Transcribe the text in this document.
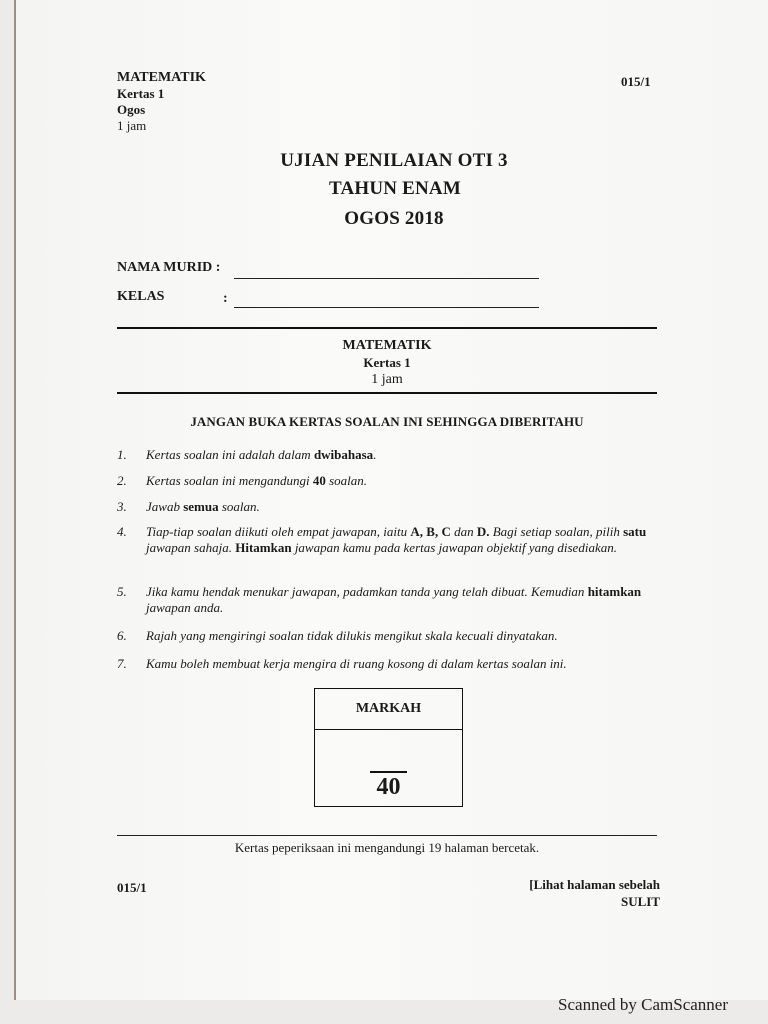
MATEMATIK
Kertas 1
Ogos
1 jam
015/1
UJIAN PENILAIAN OTI 3
TAHUN ENAM
OGOS 2018
NAMA MURID :
KELAS	:
MATEMATIK
Kertas 1
1 jam
JANGAN BUKA KERTAS SOALAN INI SEHINGGA DIBERITAHU
1. Kertas soalan ini adalah dalam dwibahasa.
2. Kertas soalan ini mengandungi 40 soalan.
3. Jawab semua soalan.
4. Tiap-tiap soalan diikuti oleh empat jawapan, iaitu A, B, C dan D. Bagi setiap soalan, pilih satu jawapan sahaja. Hitamkan jawapan kamu pada kertas jawapan objektif yang disediakan.
5. Jika kamu hendak menukar jawapan, padamkan tanda yang telah dibuat. Kemudian hitamkan jawapan anda.
6. Rajah yang mengiringi soalan tidak dilukis mengikut skala kecuali dinyatakan.
7. Kamu boleh membuat kerja mengira di ruang kosong di dalam kertas soalan ini.
MARKAH
40
Kertas peperiksaan ini mengandungi 19 halaman bercetak.
015/1	[Lihat halaman sebelah
SULIT
Scanned by CamScanner
